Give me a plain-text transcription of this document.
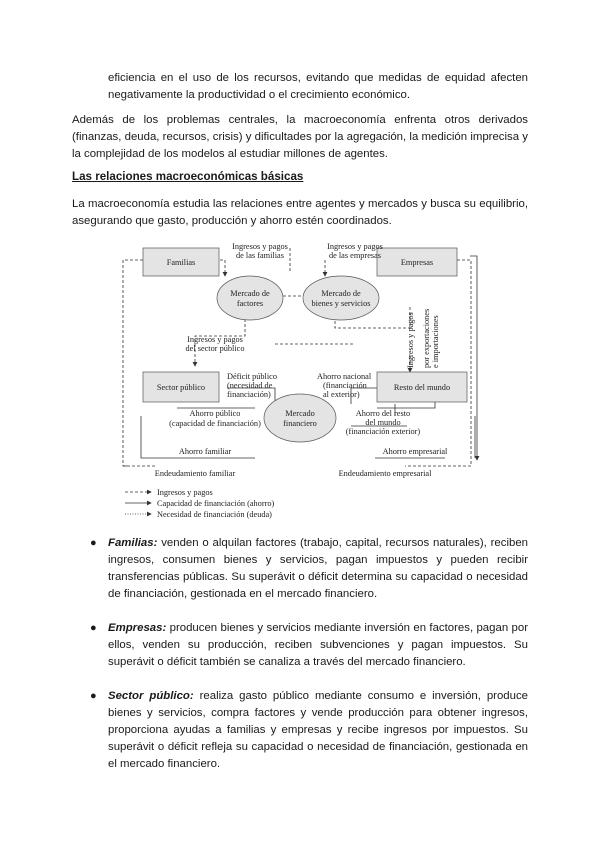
eficiencia en el uso de los recursos, evitando que medidas de equidad afecten negativamente la productividad o el crecimiento económico.

Además de los problemas centrales, la macroeconomía enfrenta otros derivados (finanzas, deuda, recursos, crisis) y dificultades por la agregación, la medición imprecisa y la complejidad de los modelos al estudiar millones de agentes.

Las relaciones macroeconómicas básicas

La macroeconomía estudia las relaciones entre agentes y mercados y busca su equilibrio, asegurando que gasto, producción y ahorro estén coordinados.

Familias	Empresas
Sector público	Resto del mundo
Mercado de
factores
Mercado de
bienes y servicios
Mercado
financiero
Ingresos y pagos
de las familias
Ingresos y pagos
de las empresas
Ingresos y pagos
del sector público
Déficit público
(necesidad de
financiación)
Ahorro nacional
(financiación
al exterior)
Ahorro público
(capacidad de financiación)
Ahorro del resto
del mundo
(financiación exterior)
Ahorro familiar	Ahorro empresarial
Endeudamiento familiar	Endeudamiento empresarial
Ingresos y pagos por exportaciones e importaciones
Ingresos y pagos
Capacidad de financiación (ahorro)
Necesidad de financiación (deuda)
● Familias: venden o alquilan factores (trabajo, capital, recursos naturales), reciben ingresos, consumen bienes y servicios, pagan impuestos y pueden recibir transferencias públicas. Su superávit o déficit determina su capacidad o necesidad de financiación, gestionada en el mercado financiero.
● Empresas: producen bienes y servicios mediante inversión en factores, pagan por ellos, venden su producción, reciben subvenciones y pagan impuestos. Su superávit o déficit también se canaliza a través del mercado financiero.
● Sector público: realiza gasto público mediante consumo e inversión, produce bienes y servicios, compra factores y vende producción para obtener ingresos, proporciona ayudas a familias y empresas y recibe ingresos por impuestos. Su superávit o déficit refleja su capacidad o necesidad de financiación, gestionada en el mercado financiero.
